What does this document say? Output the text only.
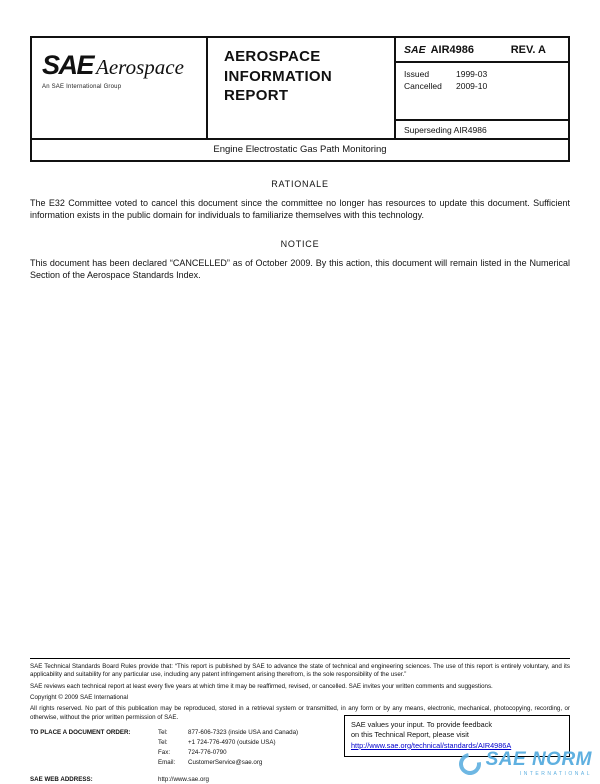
SAE Aerospace
An SAE International Group
AEROSPACE INFORMATION REPORT
SAE AIR4986	REV. A
Issued	1999-03
Cancelled	2009-10
Superseding AIR4986
Engine Electrostatic Gas Path Monitoring
RATIONALE

The E32 Committee voted to cancel this document since the committee no longer has resources to update this document. Sufficient information exists in the public domain for individuals to familiarize themselves with this technology.

NOTICE

This document has been declared “CANCELLED” as of October 2009. By this action, this document will remain listed in the Numerical Section of the Aerospace Standards Index.

SAE Technical Standards Board Rules provide that: “This report is published by SAE to advance the state of technical and engineering sciences. The use of this report is entirely voluntary, and its applicability and suitability for any particular use, including any patent infringement arising therefrom, is the sole responsibility of the user.”

SAE reviews each technical report at least every five years at which time it may be reaffirmed, revised, or cancelled. SAE invites your written comments and suggestions.

Copyright © 2009 SAE International

All rights reserved. No part of this publication may be reproduced, stored in a retrieval system or transmitted, in any form or by any means, electronic, mechanical, photocopying, recording, or otherwise, without the prior written permission of SAE.

TO PLACE A DOCUMENT ORDER:	Tel:	877-606-7323 (inside USA and Canada)
Tel:	+1 724-776-4970 (outside USA)
Fax:	724-776-0790
Email:	CustomerService@sae.org
SAE WEB ADDRESS:	http://www.sae.org
SAE values your input. To provide feedback
on this Technical Report, please visit
http://www.sae.org/technical/standards/AIR4986A
SAE NORM
INTERNATIONAL
